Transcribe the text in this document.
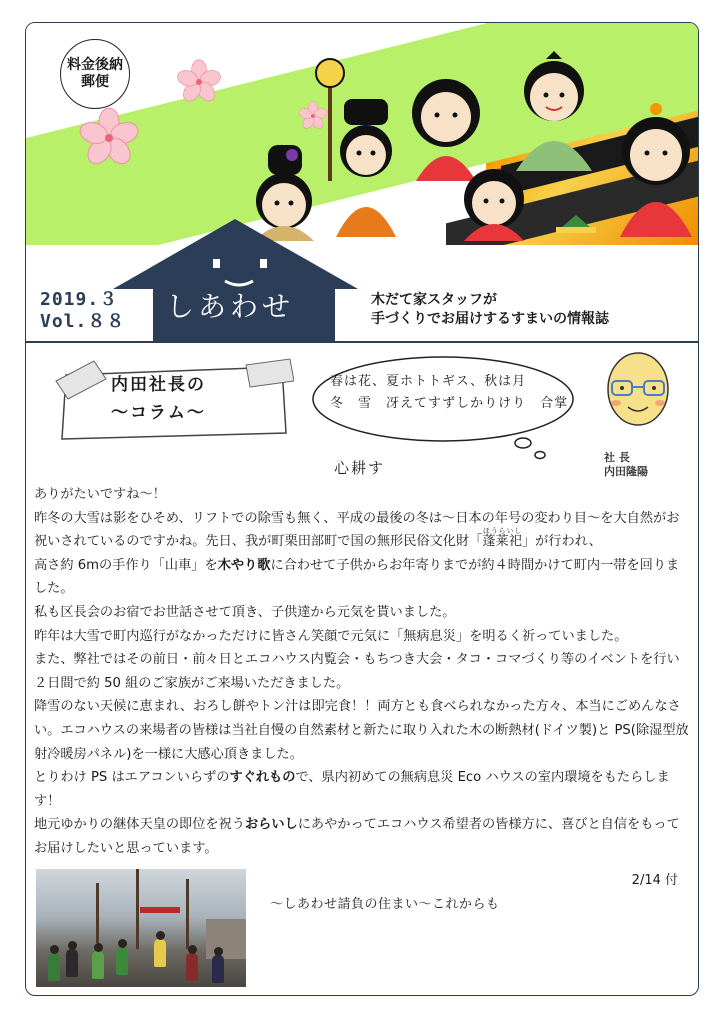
料金後納
郵便
しあわせ
2019.３
Vol.８８
木だて家スタッフが
手づくりでお届けするすまいの情報誌
内田社長の
～コラム～
春は花、夏ホトトギス、秋は月
冬　雪　冴えてすずしかりけり　合掌
心耕す
社 長
内田隆陽

ありがたいですね～！

昨冬の大雪は影をひそめ、リフトでの除雪も無く、平成の最後の冬は～日本の年号の変わり目～を大自然がお祝いされているのですかね。先日、我が町栗田部町で国の無形民俗文化財「蓬莱祀ほうらいし」が行われ、

高さ約 6mの手作り「山車」を木やり歌に合わせて子供からお年寄りまでが約４時間かけて町内一帯を回りました。

私も区長会のお宿でお世話させて頂き、子供達から元気を貰いました。

昨年は大雪で町内巡行がなかっただけに皆さん笑顔で元気に「無病息災」を明るく祈っていました。

また、弊社ではその前日・前々日とエコハウス内覧会・もちつき大会・タコ・コマづくり等のイベントを行い２日間で約 50 組のご家族がご来場いただきました。

降雪のない天候に恵まれ、おろし餅やトン汁は即完食！！両方とも食べられなかった方々、本当にごめんなさい。エコハウスの来場者の皆様は当社自慢の自然素材と新たに取り入れた木の断熱材(ドイツ製)と PS(除湿型放射冷暖房パネル)を一様に大感心頂きました。

とりわけ PS はエアコンいらずのすぐれもので、県内初めての無病息災 Eco ハウスの室内環境をもたらします！

地元ゆかりの継体天皇の即位を祝うおらいしにあやかってエコハウス希望者の皆様方に、喜びと自信をもってお届けしたいと思っています。

2/14 付
～しあわせ請負の住まい～これからも
